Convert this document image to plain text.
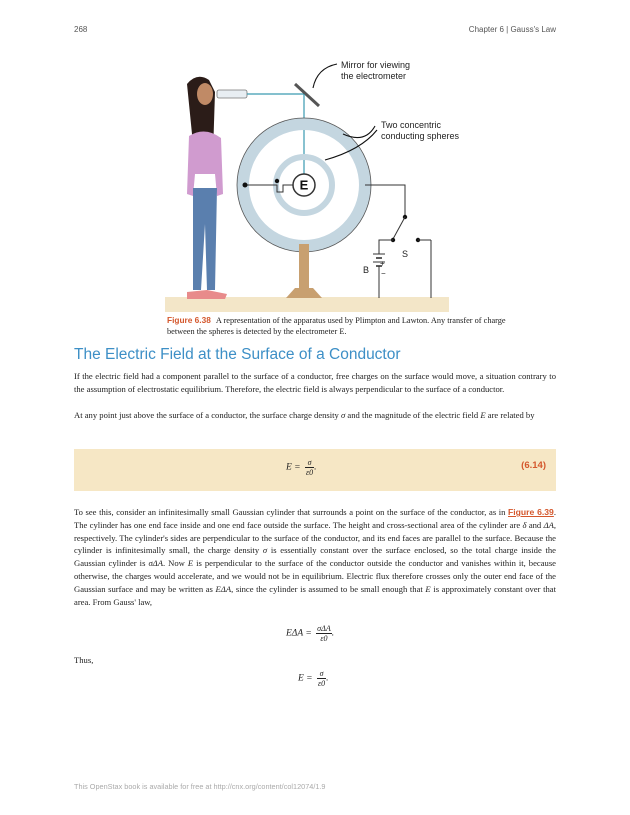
268	Chapter 6 | Gauss's Law
E
S
+
−
B
Mirror for viewing
the electrometer
Two concentric
conducting spheres
Figure 6.38 A representation of the apparatus used by Plimpton and Lawton. Any transfer of charge between the spheres is detected by the electrometer E.
The Electric Field at the Surface of a Conductor

If the electric field had a component parallel to the surface of a conductor, free charges on the surface would move, a situation contrary to the assumption of electrostatic equilibrium. Therefore, the electric field is always perpendicular to the surface of a conductor.

At any point just above the surface of a conductor, the surface charge density σ and the magnitude of the electric field E are related by

(6.14)
$E = \frac{\sigma}{\varepsilon 0}$ .

To see this, consider an infinitesimally small Gaussian cylinder that surrounds a point on the surface of the conductor, as in Figure 6.39. The cylinder has one end face inside and one end face outside the surface. The height and cross-sectional area of the cylinder are δ and ΔA, respectively. The cylinder's sides are perpendicular to the surface of the conductor, and its end faces are parallel to the surface. Because the cylinder is infinitesimally small, the charge density σ is essentially constant over the surface enclosed, so the total charge inside the Gaussian cylinder is σΔA. Now E is perpendicular to the surface of the conductor outside the conductor and vanishes within it, because otherwise, the charges would accelerate, and we would not be in equilibrium. Electric flux therefore crosses only the outer end face of the Gaussian surface and may be written as EΔA, since the cylinder is assumed to be small enough that E is approximately constant over that area. From Gauss' law,

$E\Delta A = \frac{\text{σΔA}}{\varepsilon 0}$ .

Thus,

$E = \frac{\sigma}{\varepsilon 0}$ .
This OpenStax book is available for free at http://cnx.org/content/col12074/1.9
